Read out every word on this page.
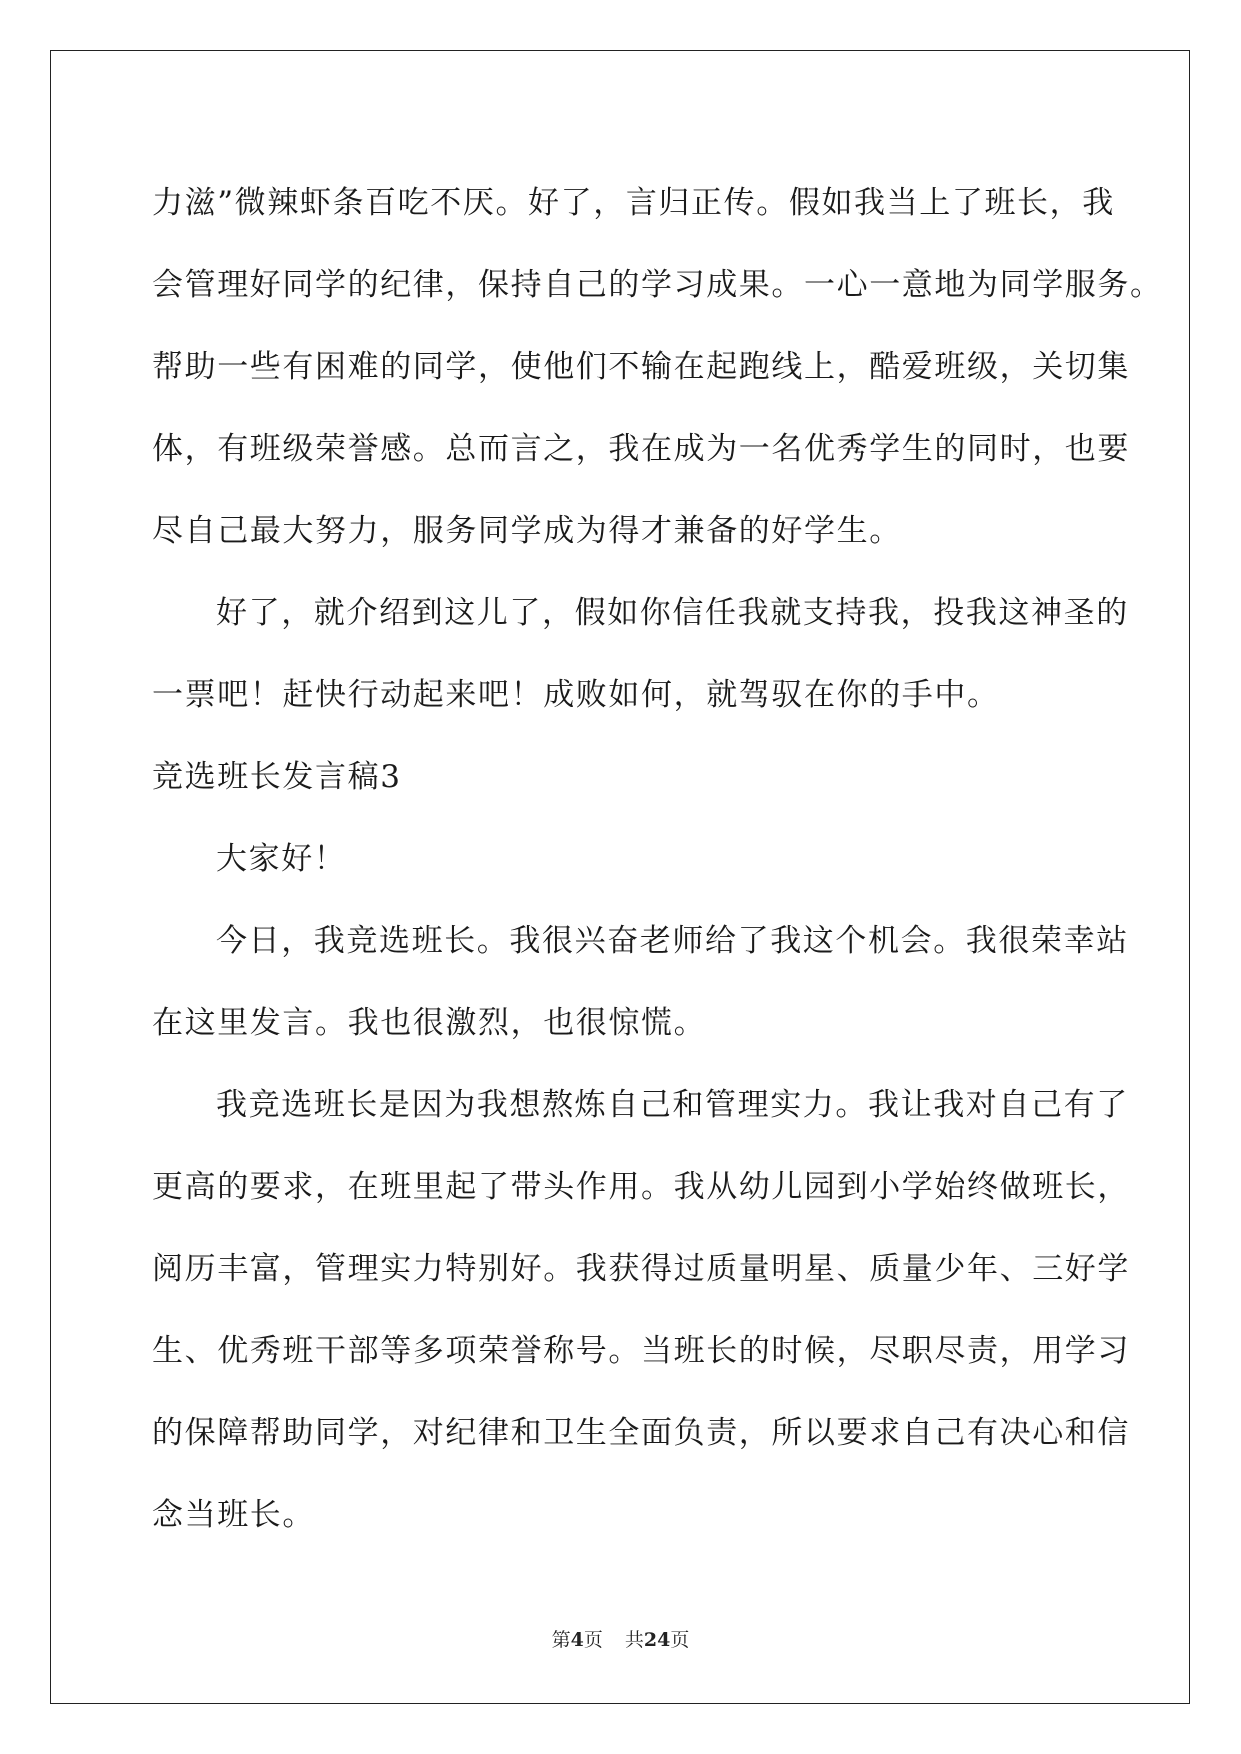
力滋”微辣虾条百吃不厌。好了，言归正传。假如我当上了班长，我
会管理好同学的纪律，保持自己的学习成果。一心一意地为同学服务。
帮助一些有困难的同学，使他们不输在起跑线上，酷爱班级，关切集
体，有班级荣誉感。总而言之，我在成为一名优秀学生的同时，也要
尽自己最大努力，服务同学成为得才兼备的好学生。
好了，就介绍到这儿了，假如你信任我就支持我，投我这神圣的
一票吧！赶快行动起来吧！成败如何，就驾驭在你的手中。
竞选班长发言稿3
大家好！
今日，我竞选班长。我很兴奋老师给了我这个机会。我很荣幸站
在这里发言。我也很激烈，也很惊慌。
我竞选班长是因为我想熬炼自己和管理实力。我让我对自己有了
更高的要求，在班里起了带头作用。我从幼儿园到小学始终做班长，
阅历丰富，管理实力特别好。我获得过质量明星、质量少年、三好学
生、优秀班干部等多项荣誉称号。当班长的时候，尽职尽责，用学习
的保障帮助同学，对纪律和卫生全面负责，所以要求自己有决心和信
念当班长。
第4页 共24页
